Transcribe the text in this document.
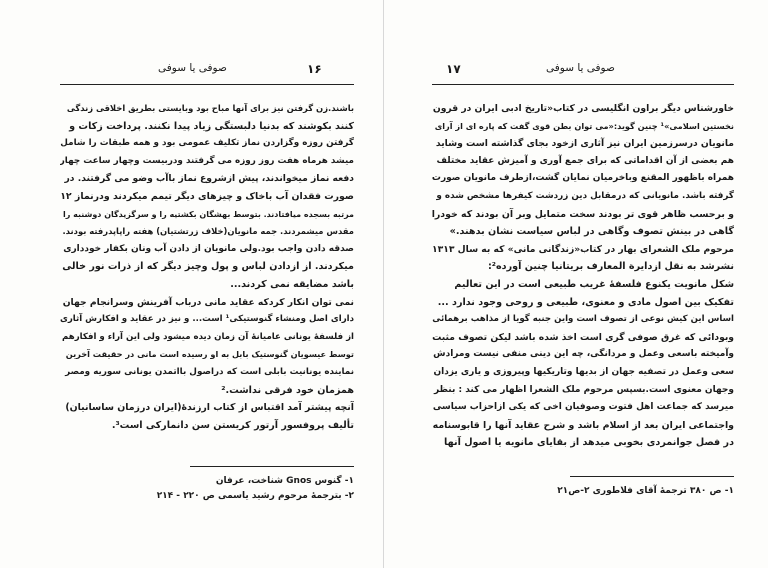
صوفی یا سوفی	۱۶
باشند.زن گرفتن نیز برای آنها مباح بود وبایستی بطریق اخلاقی زندگی
کنند بکوشند که بدنیا دلبستگی زیاد پیدا نکنند. پرداخت زکات و
گرفتن روزه وگزاردن نماز تکلیف عمومی بود و همه طبقات را شامل
میشد هرماه هفت روز روزه می گرفتند ودربیست وچهار ساعت چهار
دفعه نماز میخواندند، پیش ازشروع نماز باآب وضو می گرفتند. در
صورت فقدان آب باخاک و چیزهای دیگر تیمم میکردند ودرنماز ۱۲
مرتبه بسجده میافتادند. بتوسط بهشگان بکشتیه را و سرگزیدگان دوشنبه را
مقدس میشمردند. جمه مانویان(خلاف زرتشتیان) هفته راپاپدرفته بودند.
صدقه دادن واجب بود.ولی مانویان از دادن آب ونان بکفار خودداری
میکردند. از ازدادن لباس و پول وچیز دیگر که از ذرات نور خالی
باشد مضایقه نمی کردند...
نمی توان انکار کردکه عقاید مانی درباب آفرینش وسرانجام جهان
دارای اصل ومنشاء گنوستیکی¹ است... و نیز در عقاید و افکارش آثاری
از فلسفهٔ یونانی عامیانهٔ آن زمان دیده میشود ولی این آراء و افکارهم
توسط عیسویان گنوستیک بابل به او رسیده است مانی در حقیقت آخرین
نماینده یونانیت بابلی است که دراصول بااتمدن یونانی سوریه ومصر
همزمان خود فرقی نداشت.²
آنچه پیشتر آمد اقتباس از کتاب ارزندهٔ(ایران درزمان ساسانیان)
تألیف پروفسور آرتور کریستن سن دانمارکی است³.
۱- گنوس Gnos شناخت، عرفان
۲- بترجمهٔ مرحوم رشید یاسمی ص ۲۲۰ - ۲۱۴
۱۷	صوفی یا سوفی
خاورشناس دیگر براون انگلیسی در کتاب«تاریخ ادبی ایران در قرون
نخستین اسلامی»¹ چنین گوید:«می توان بطن قوی گفت که پاره ای از آرای
مانویان درسرزمین ایران نیز آثاری ازخود بجای گذاشته است وشاید
هم بعضی از آن اقداماتی که برای جمع آوری و آمیزش عقاید مختلف
همراه باظهور المقنع وباخرمیان نمایان گشت،ازطرف مانویان صورت
گرفته باشد. مانویانی که درمقابل دین زردشت کیفرها مشخص شده و
و برحسب ظاهر قوی تر بودند سخت متمایل وبر آن بودند که خودرا
گاهی در بینش تصوف وگاهی در لباس سیاست نشان بدهند.»
مرحوم ملک الشعرای بهار در کتاب«زندگانی مانی» که به سال ۱۳۱۳
نشرشد به نقل ازدایرة المعارف بریتانیا چنین آورده²:
شکل مانویت یکنوع فلسفهٔ غریب طبیعی است در این تعالیم
تفکیک بین اصول مادی و معنوی، طبیعی و روحی وجود ندارد ...
اساس این کیش نوعی از تصوف است واین جنبه گویا از مذاهب برهمائی
وبودائی که غرق صوفی گری است اخذ شده باشد لیکن تصوف مثبت
وآمیخته باسعی وعمل و مردانگی، چه این دینی منفی نیست ومرادش
سعی وعمل در تصفیه جهان از بدیها وتاریکیها وپیروزی و یاری یزدان
وجهان معنوی است.بسپس مرحوم ملک الشعرا اظهار می کند : بنظر
میرسد که جماعت اهل فتوت وصوفیان اخی که یکی ازاحزاب سیاسی
واجتماعی ایران بعد از اسلام باشد و شرح عقاید آنها را قابوسنامه
در فصل جوانمردی بخوبی میدهد از بقایای مانویه یا اصول آنها
۱- ص ۳۸۰ ترجمهٔ آقای فلاطوری ۲-ص۲۱
